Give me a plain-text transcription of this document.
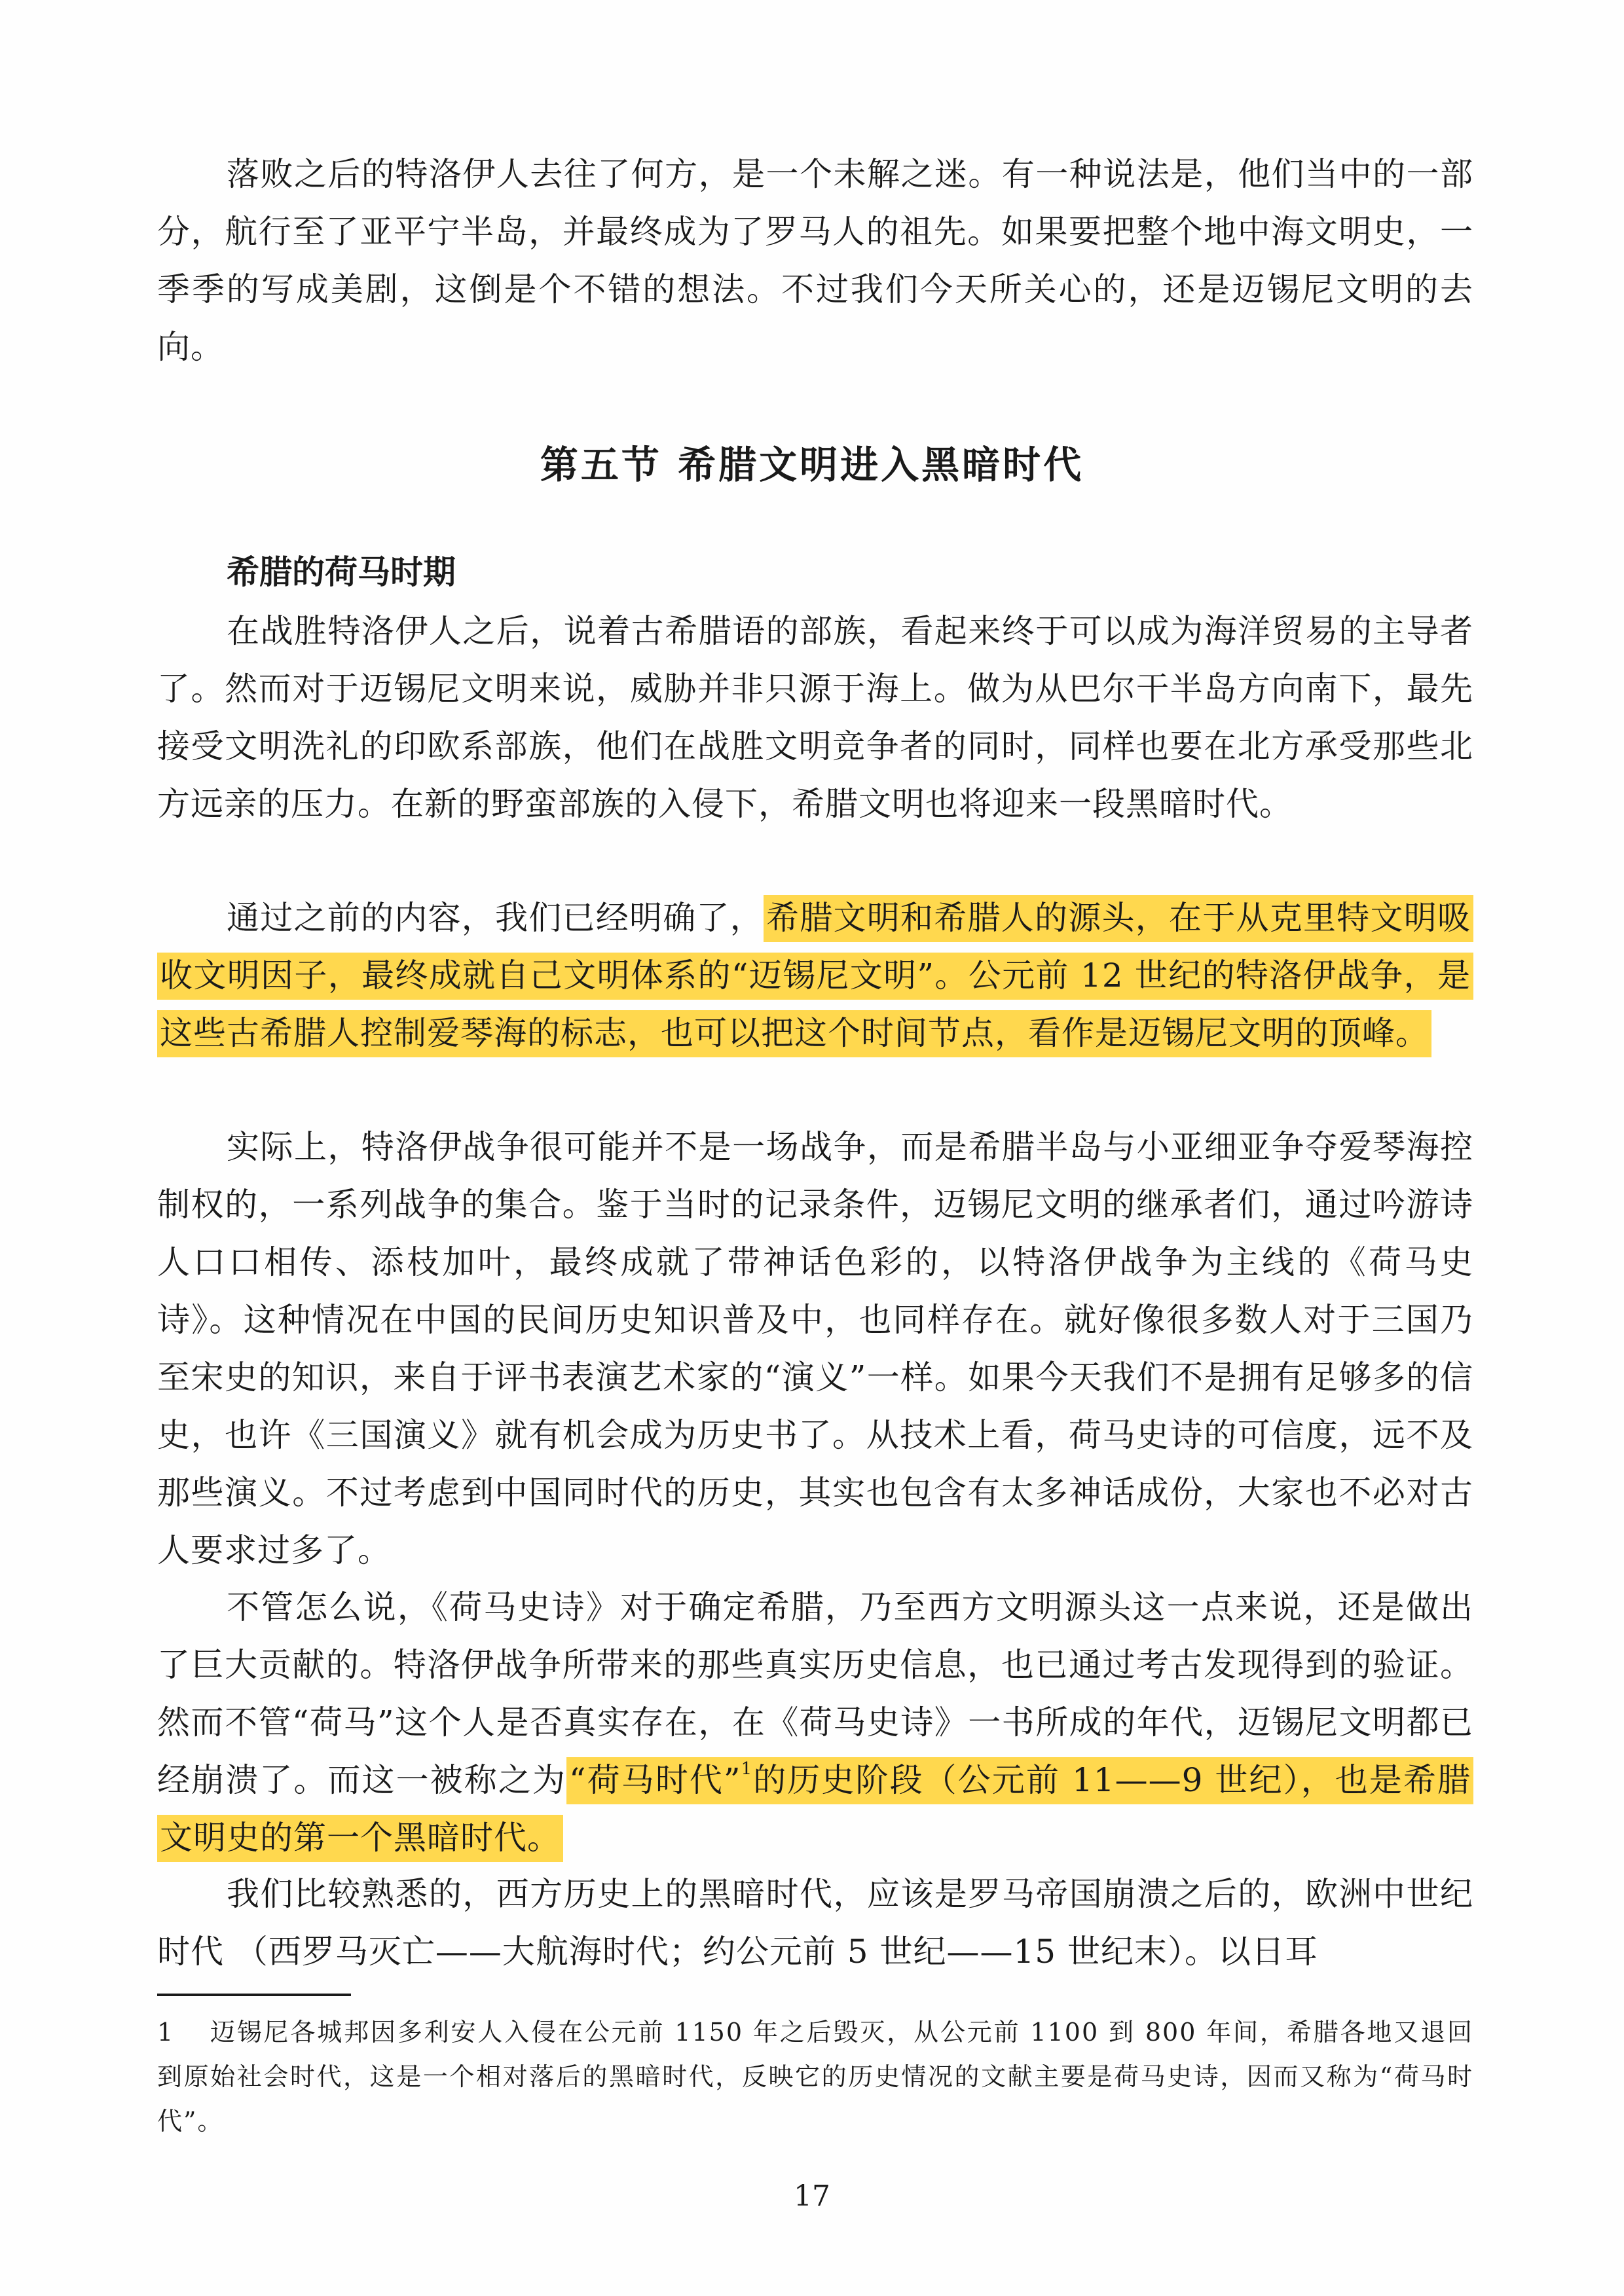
落败之后的特洛伊人去往了何方，是一个未解之迷。有一种说法是，他们当中的一部分，航行至了亚平宁半岛，并最终成为了罗马人的祖先。如果要把整个地中海文明史，一季季的写成美剧，这倒是个不错的想法。不过我们今天所关心的，还是迈锡尼文明的去向。

第五节 希腊文明进入黑暗时代
希腊的荷马时期

在战胜特洛伊人之后，说着古希腊语的部族，看起来终于可以成为海洋贸易的主导者了。然而对于迈锡尼文明来说，威胁并非只源于海上。做为从巴尔干半岛方向南下，最先接受文明洗礼的印欧系部族，他们在战胜文明竞争者的同时，同样也要在北方承受那些北方远亲的压力。在新的野蛮部族的入侵下，希腊文明也将迎来一段黑暗时代。

通过之前的内容，我们已经明确了，希腊文明和希腊人的源头，在于从克里特文明吸收文明因子，最终成就自己文明体系的“迈锡尼文明”。公元前 12 世纪的特洛伊战争，是这些古希腊人控制爱琴海的标志，也可以把这个时间节点，看作是迈锡尼文明的顶峰。

实际上，特洛伊战争很可能并不是一场战争，而是希腊半岛与小亚细亚争夺爱琴海控制权的，一系列战争的集合。鉴于当时的记录条件，迈锡尼文明的继承者们，通过吟游诗人口口相传、添枝加叶，最终成就了带神话色彩的，以特洛伊战争为主线的《荷马史诗》。这种情况在中国的民间历史知识普及中，也同样存在。就好像很多数人对于三国乃至宋史的知识，来自于评书表演艺术家的“演义”一样。如果今天我们不是拥有足够多的信史，也许《三国演义》就有机会成为历史书了。从技术上看，荷马史诗的可信度，远不及那些演义。不过考虑到中国同时代的历史，其实也包含有太多神话成份，大家也不必对古人要求过多了。

不管怎么说，《荷马史诗》对于确定希腊，乃至西方文明源头这一点来说，还是做出了巨大贡献的。特洛伊战争所带来的那些真实历史信息，也已通过考古发现得到的验证。然而不管“荷马”这个人是否真实存在，在《荷马史诗》一书所成的年代，迈锡尼文明都已经崩溃了。而这一被称之为“荷马时代”$^1$的历史阶段（公元前 11——9 世纪），也是希腊文明史的第一个黑暗时代。

我们比较熟悉的，西方历史上的黑暗时代，应该是罗马帝国崩溃之后的，欧洲中世纪时代 （西罗马灭亡——大航海时代；约公元前 5 世纪——15 世纪末）。以日耳

1 迈锡尼各城邦因多利安人入侵在公元前 1150 年之后毁灭，从公元前 1100 到 800 年间，希腊各地又退回到原始社会时代，这是一个相对落后的黑暗时代，反映它的历史情况的文献主要是荷马史诗，因而又称为“荷马时代”。

17
